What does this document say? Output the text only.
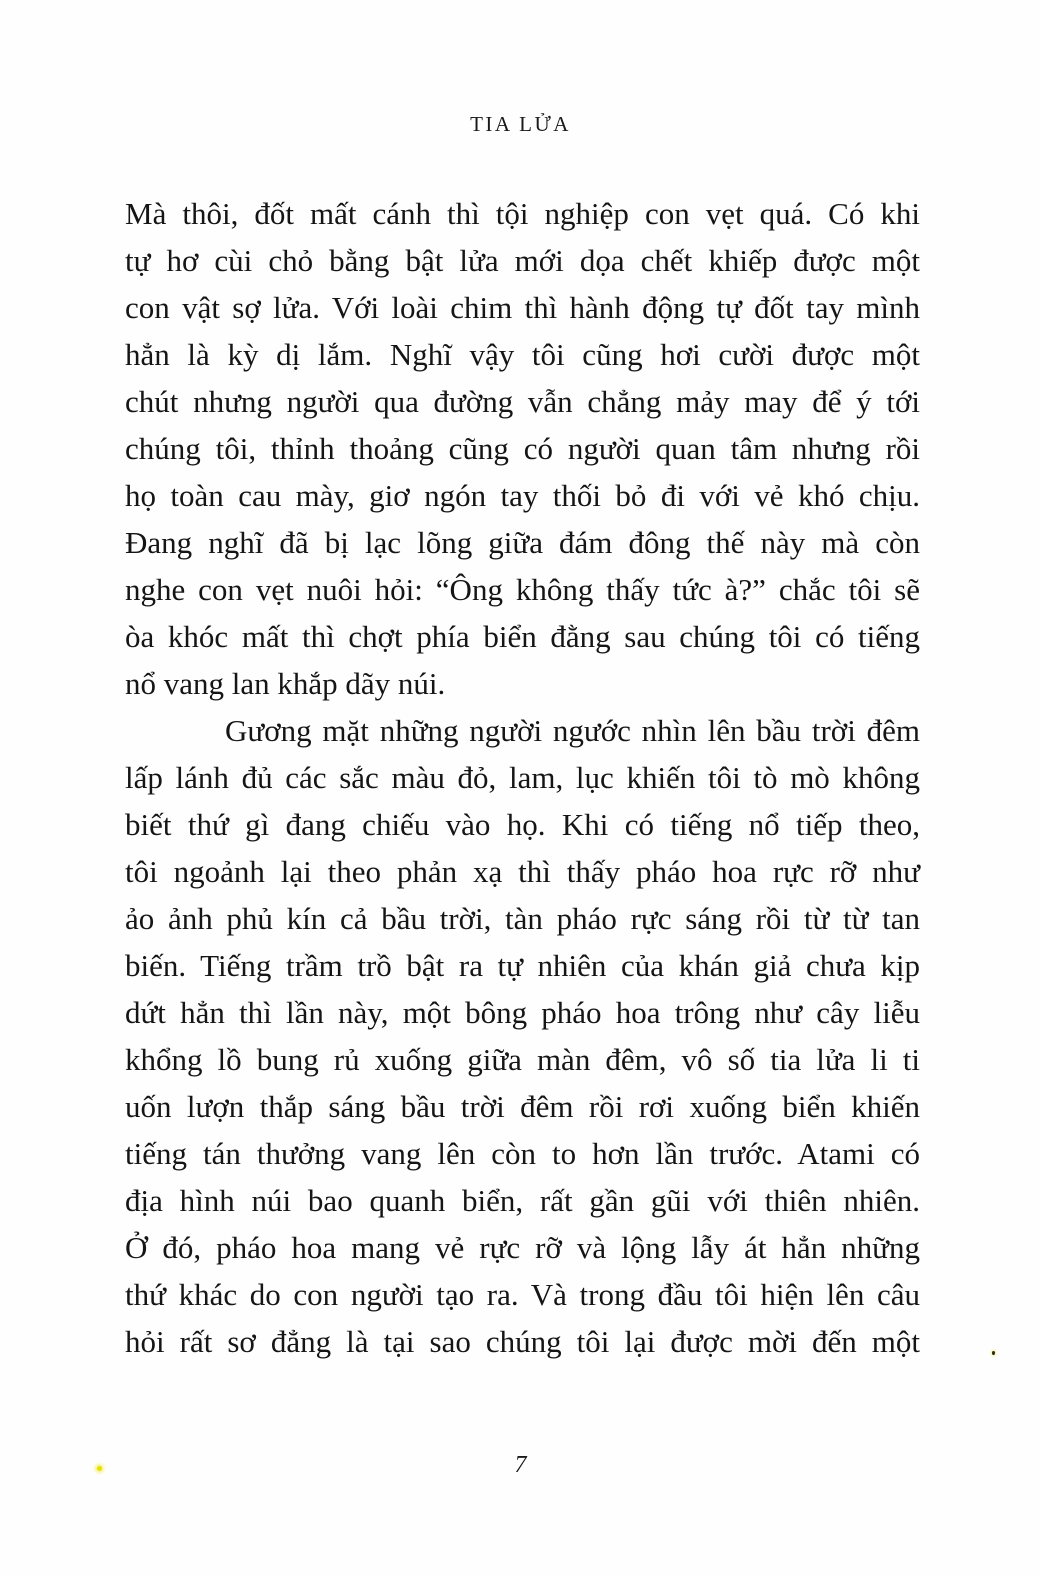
TIA LỬA
Mà thôi, đốt mất cánh thì tội nghiệp con vẹt quá. Có khi
tự hơ cùi chỏ bằng bật lửa mới dọa chết khiếp được một
con vật sợ lửa. Với loài chim thì hành động tự đốt tay mình
hẳn là kỳ dị lắm. Nghĩ vậy tôi cũng hơi cười được một
chút nhưng người qua đường vẫn chẳng mảy may để ý tới
chúng tôi, thỉnh thoảng cũng có người quan tâm nhưng rồi
họ toàn cau mày, giơ ngón tay thối bỏ đi với vẻ khó chịu.
Đang nghĩ đã bị lạc lõng giữa đám đông thế này mà còn
nghe con vẹt nuôi hỏi: “Ông không thấy tức à?” chắc tôi sẽ
òa khóc mất thì chợt phía biển đằng sau chúng tôi có tiếng
nổ vang lan khắp dãy núi.
Gương mặt những người ngước nhìn lên bầu trời đêm
lấp lánh đủ các sắc màu đỏ, lam, lục khiến tôi tò mò không
biết thứ gì đang chiếu vào họ. Khi có tiếng nổ tiếp theo,
tôi ngoảnh lại theo phản xạ thì thấy pháo hoa rực rỡ như
ảo ảnh phủ kín cả bầu trời, tàn pháo rực sáng rồi từ từ tan
biến. Tiếng trầm trồ bật ra tự nhiên của khán giả chưa kịp
dứt hẳn thì lần này, một bông pháo hoa trông như cây liễu
khổng lồ bung rủ xuống giữa màn đêm, vô số tia lửa li ti
uốn lượn thắp sáng bầu trời đêm rồi rơi xuống biển khiến
tiếng tán thưởng vang lên còn to hơn lần trước. Atami có
địa hình núi bao quanh biển, rất gần gũi với thiên nhiên.
Ở đó, pháo hoa mang vẻ rực rỡ và lộng lẫy át hẳn những
thứ khác do con người tạo ra. Và trong đầu tôi hiện lên câu
hỏi rất sơ đẳng là tại sao chúng tôi lại được mời đến một
7
